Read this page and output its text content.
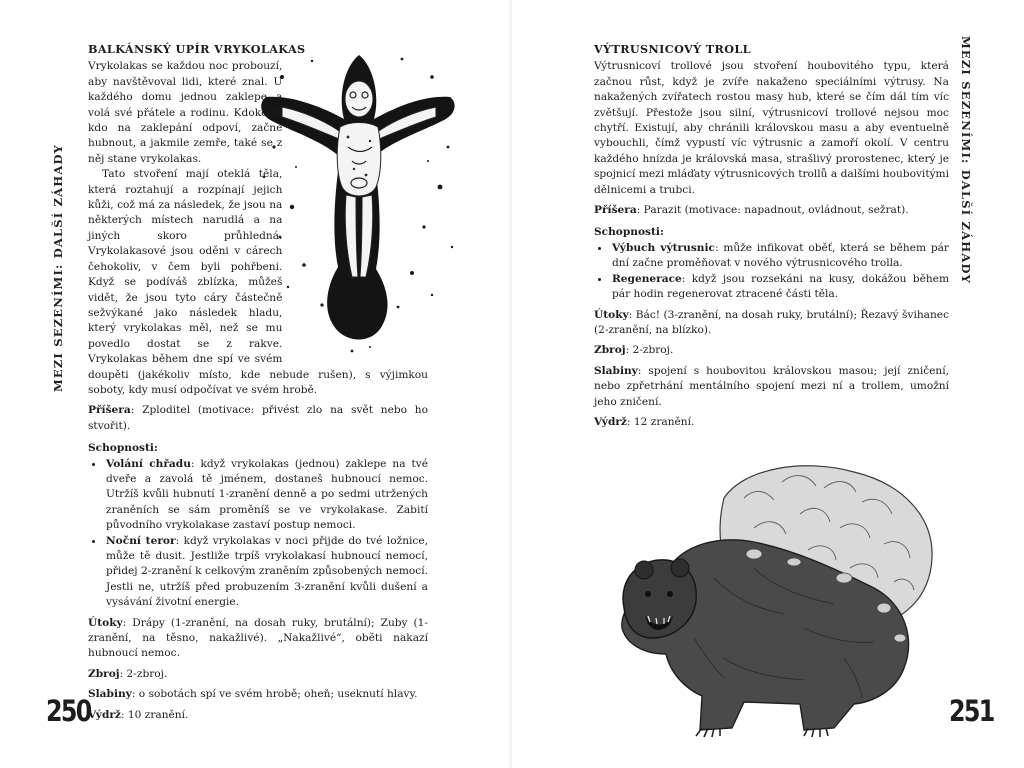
MEZI SEZENÍMI: DALŠÍ ZÁHADY
BALKÁNSKÝ UPÍR VRYKOLAKAS

Vrykolakas se každou noc probouzí, aby navštěvoval lidi, které znal. U každého domu jednou zaklepe a volá své přátele a rodinu. Kdokoliv, kdo na zaklepání odpoví, začne hubnout, a jakmile zemře, také se z něj stane vrykolakas.

Tato stvoření mají oteklá těla, která roztahují a rozpínají jejich kůži, což má za následek, že jsou na některých místech narudlá a na jiných skoro průhledná. Vrykolakasové jsou oděni v cárech čehokoliv, v čem byli pohřbeni. Když se podíváš zblízka, můžeš vidět, že jsou tyto cáry částečně sežvýkané jako následek hladu, který vrykolakas měl, než se mu povedlo dostat se z rakve. Vrykolakas během dne spí ve svém doupěti (jakékoliv místo, kde nebude rušen), s výjimkou soboty, kdy musí odpočívat ve svém hrobě.

Příšera: Zploditel (motivace: přivést zlo na svět nebo ho stvořit).

Schopnosti:
• Volání chřadu: když vrykolakas (jednou) zaklepe na tvé dveře a zavolá tě jménem, dostaneš hubnoucí nemoc. Utržíš kvůli hubnutí 1-zranění denně a po sedmi utržených zraněních se sám proměníš se ve vrykolakase. Zabití původního vrykolakase zastaví postup nemoci.
• Noční teror: když vrykolakas v noci přijde do tvé ložnice, může tě dusit. Jestliže trpíš vrykolakasí hubnoucí nemocí, přidej 2-zranění k celkovým zraněním způsobených nemocí. Jestli ne, utržíš před probuzením 3-zranění kvůli dušení a vysávání životní energie.

Útoky: Drápy (1-zranění, na dosah ruky, brutální); Zuby (1-zranění, na těsno, nakažlivé). „Nakažlivé“, oběti nakazí hubnoucí nemoc.

Zbroj: 2-zbroj.

Slabiny: o sobotách spí ve svém hrobě; oheň; useknutí hlavy.

Výdrž: 10 zranění.

250
MEZI SEZENÍMI: DALŠÍ ZÁHADY
VÝTRUSNICOVÝ TROLL

Výtrusnicoví trollové jsou stvoření houbovitého typu, která začnou růst, když je zvíře nakaženo speciálními výtrusy. Na nakažených zvířatech rostou masy hub, které se čím dál tím víc zvětšují. Přestože jsou silní, výtrusnicoví trollové nejsou moc chytří. Existují, aby chránili královskou masu a aby eventuelně vybouchli, čímž vypustí víc výtrusnic a zamoří okolí. V centru každého hnízda je královská masa, strašlivý prorostenec, který je spojnicí mezi mláďaty výtrusnicových trollů a dalšími houbovitými dělnicemi a trubci.

Příšera: Parazit (motivace: napadnout, ovládnout, sežrat).

Schopnosti:
• Výbuch výtrusnic: může infikovat oběť, která se během pár dní začne proměňovat v nového výtrusnicového trolla.
• Regenerace: když jsou rozsekáni na kusy, dokážou během pár hodin regenerovat ztracené části těla.

Útoky: Bác! (3-zranění, na dosah ruky, brutální); Řezavý švihanec (2-zranění, na blízko).

Zbroj: 2-zbroj.

Slabiny: spojení s houbovitou královskou masou; její zničení, nebo zpřetrhání mentálního spojení mezi ní a trollem, umožní jeho zničení.

Výdrž: 12 zranění.

251
